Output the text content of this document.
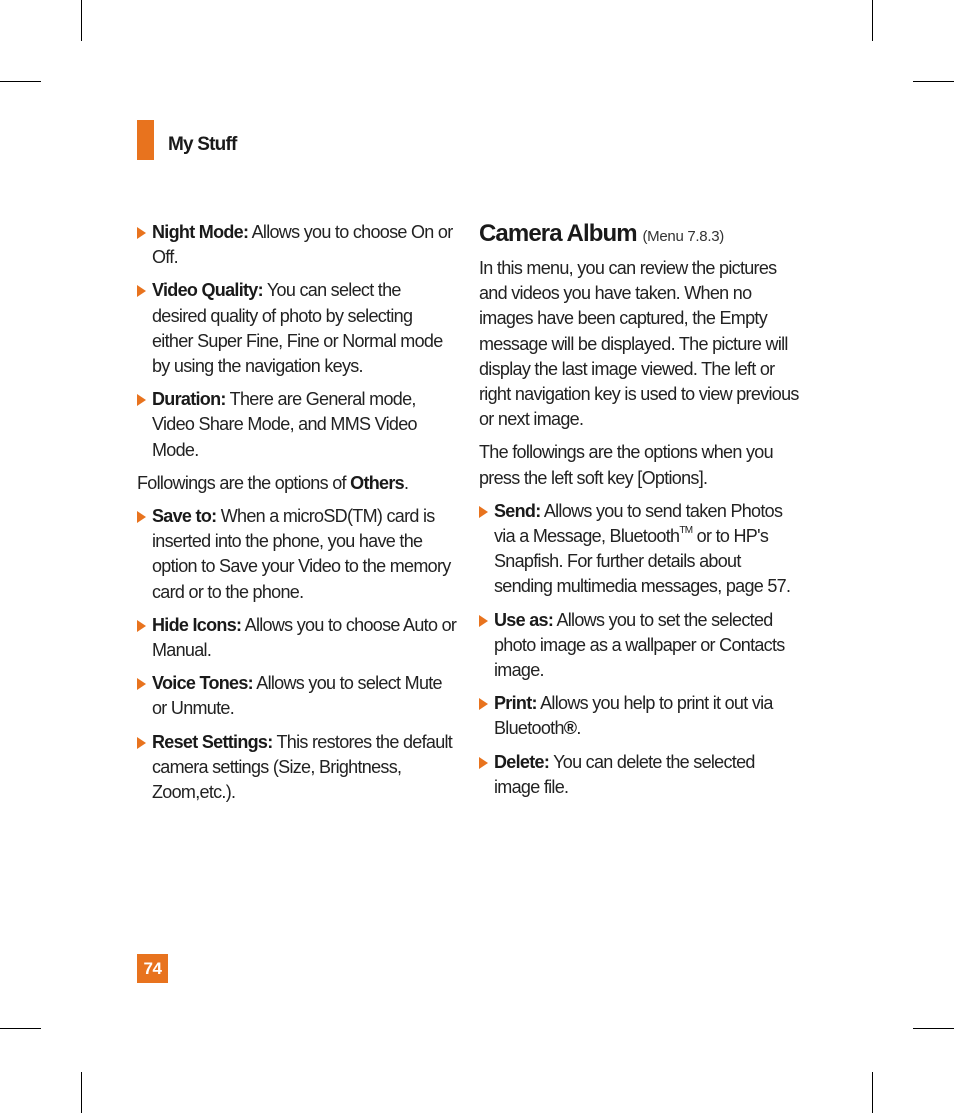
My Stuff
Night Mode: Allows you to choose On or Off.
Video Quality: You can select the desired quality of photo by selecting either Super Fine, Fine or Normal mode by using the navigation keys.
Duration: There are General mode, Video Share Mode, and MMS Video Mode.
Followings are the options of Others.
Save to: When a microSD(TM) card is inserted into the phone, you have the option to Save your Video to the memory card or to the phone.
Hide Icons: Allows you to choose Auto or Manual.
Voice Tones: Allows you to select Mute or Unmute.
Reset Settings: This restores the default camera settings (Size, Brightness, Zoom,etc.).
Camera Album (Menu 7.8.3)
In this menu, you can review the pictures and videos you have taken. When no images have been captured, the Empty message will be displayed. The picture will display the last image viewed. The left or right navigation key is used to view previous or next image.
The followings are the options when you press the left soft key [Options].
Send: Allows you to send taken Photos via a Message, Bluetooth™ or to HP's Snapfish. For further details about sending multimedia messages, page 57.
Use as: Allows you to set the selected photo image as a wallpaper or Contacts image.
Print: Allows you help to print it out via Bluetooth®.
Delete: You can delete the selected image file.
74
